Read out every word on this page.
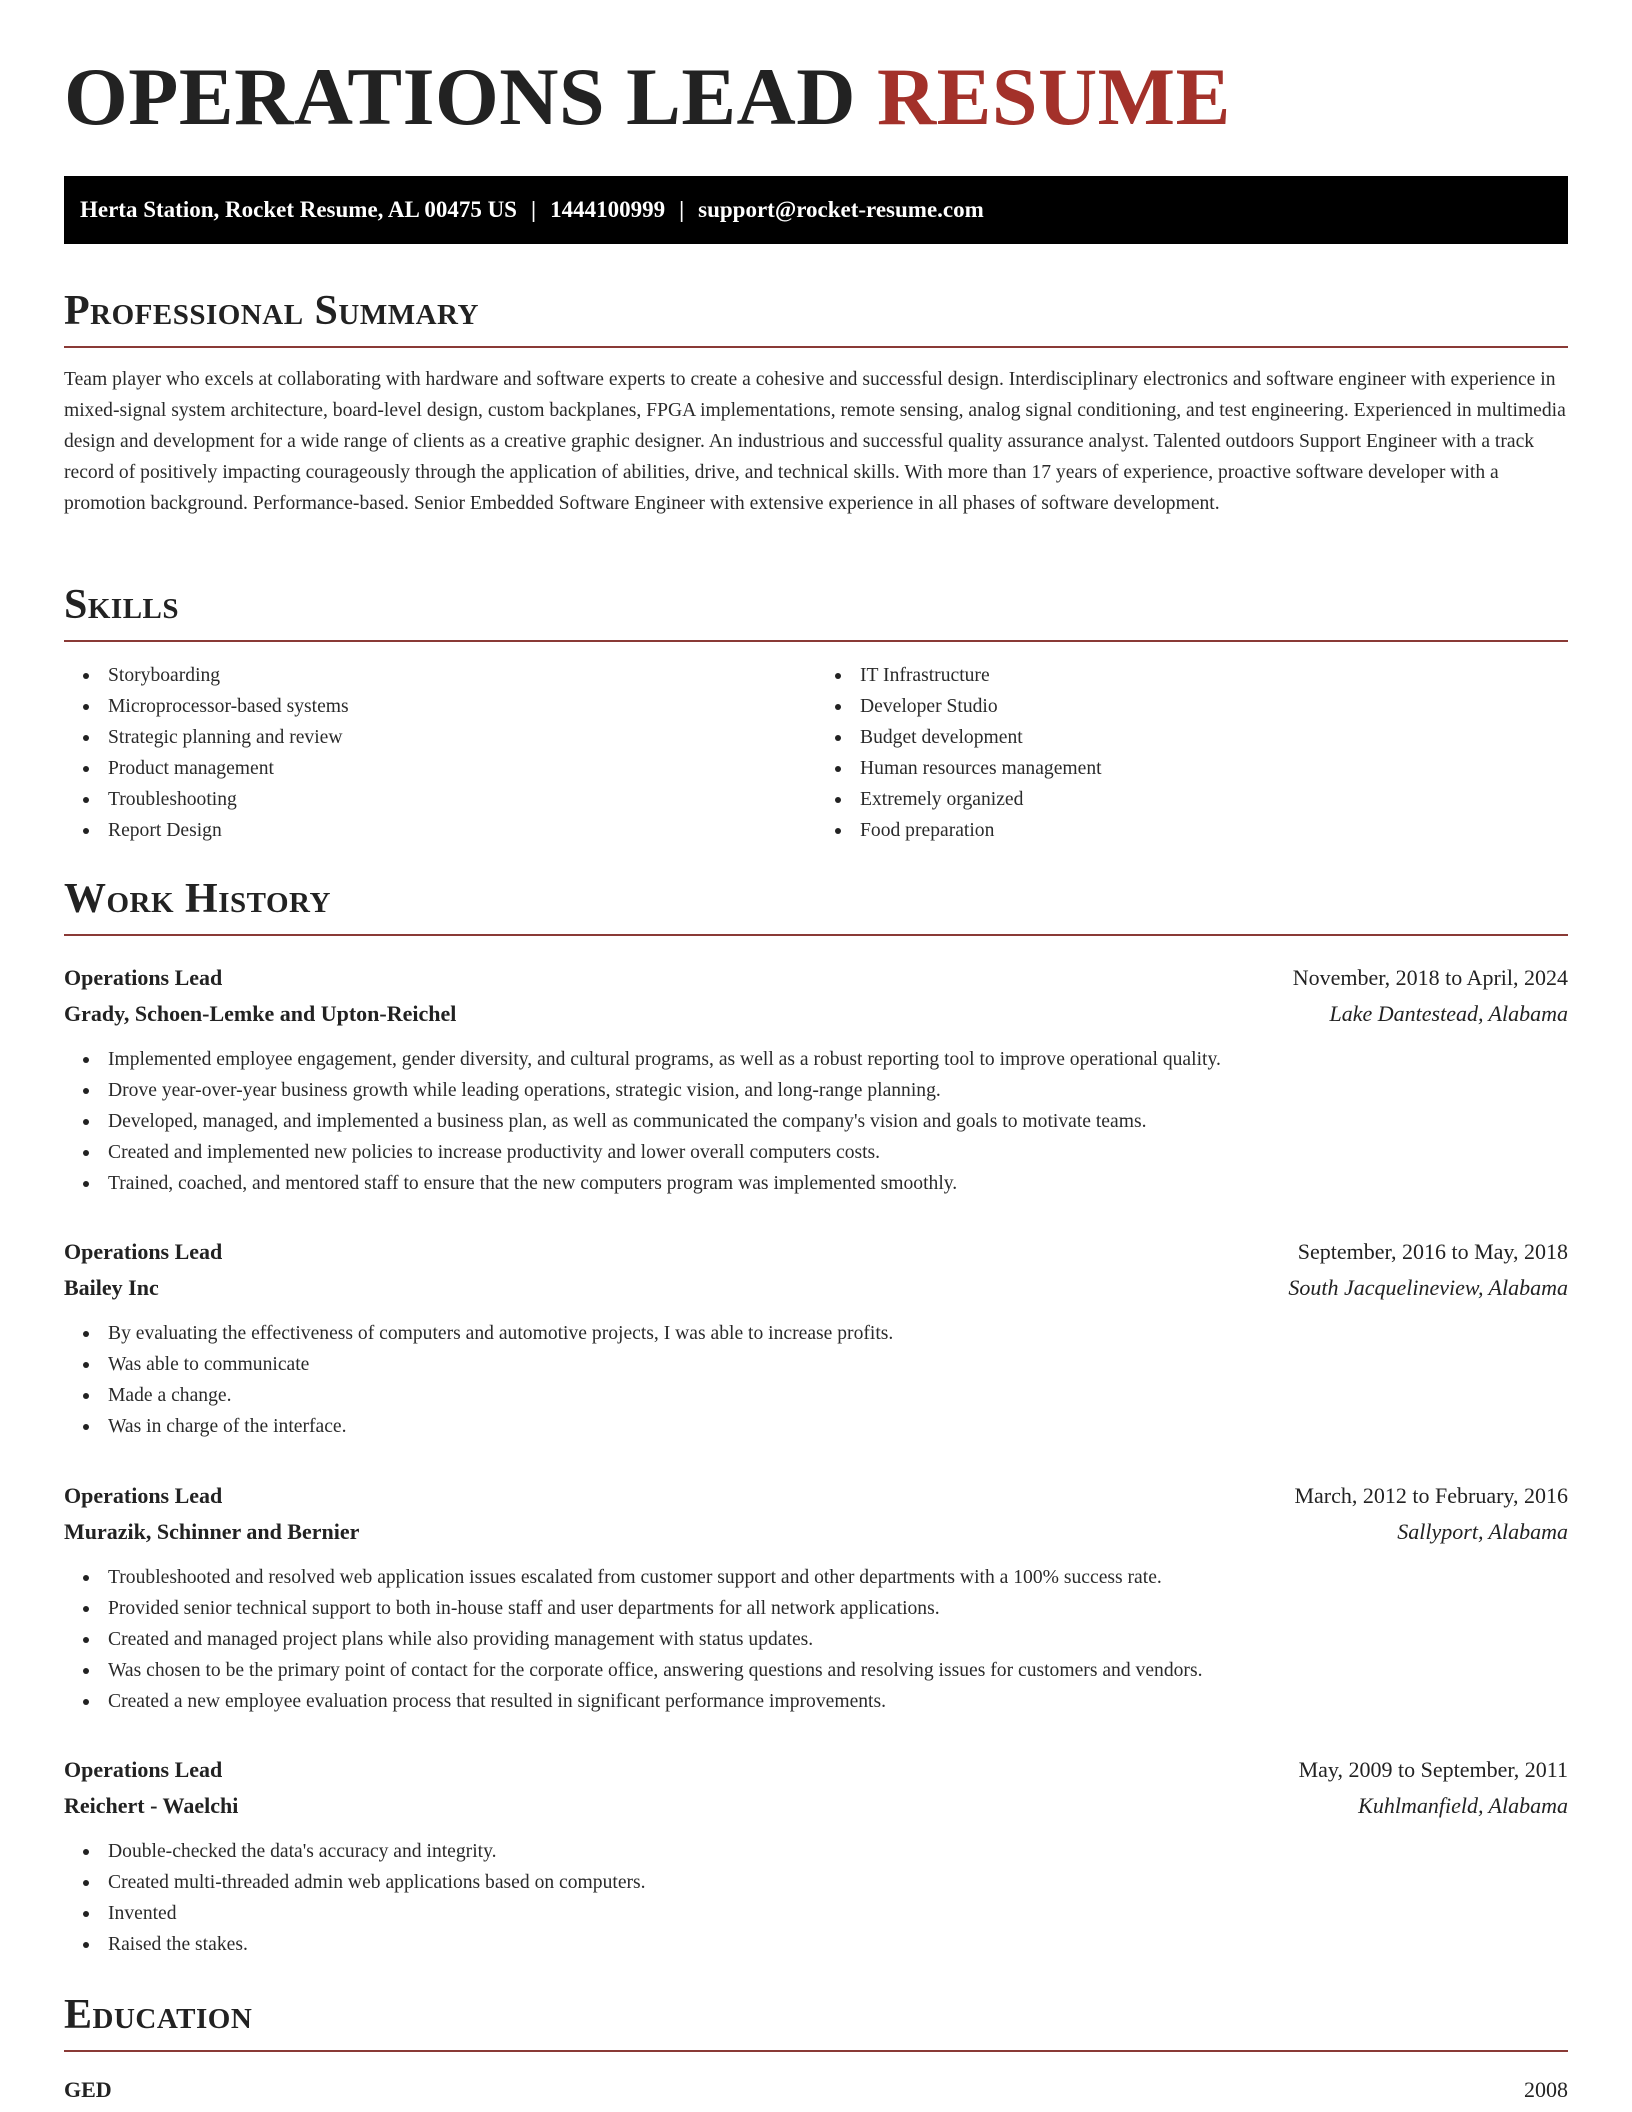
OPERATIONS LEAD RESUME
Herta Station, Rocket Resume, AL 00475 US | 1444100999 | support@rocket-resume.com
Professional Summary

Team player who excels at collaborating with hardware and software experts to create a cohesive and successful design. Interdisciplinary electronics and software engineer with experience in mixed-signal system architecture, board-level design, custom backplanes, FPGA implementations, remote sensing, analog signal conditioning, and test engineering. Experienced in multimedia design and development for a wide range of clients as a creative graphic designer. An industrious and successful quality assurance analyst. Talented outdoors Support Engineer with a track record of positively impacting courageously through the application of abilities, drive, and technical skills. With more than 17 years of experience, proactive software developer with a promotion background. Performance-based. Senior Embedded Software Engineer with extensive experience in all phases of software development.

Skills
Storyboarding
Microprocessor-based systems
Strategic planning and review
Product management
Troubleshooting
Report Design
IT Infrastructure
Developer Studio
Budget development
Human resources management
Extremely organized
Food preparation
Work History
Operations Lead	November, 2018 to April, 2024
Grady, Schoen-Lemke and Upton-Reichel	Lake Dantestead, Alabama
Implemented employee engagement, gender diversity, and cultural programs, as well as a robust reporting tool to improve operational quality.
Drove year-over-year business growth while leading operations, strategic vision, and long-range planning.
Developed, managed, and implemented a business plan, as well as communicated the company's vision and goals to motivate teams.
Created and implemented new policies to increase productivity and lower overall computers costs.
Trained, coached, and mentored staff to ensure that the new computers program was implemented smoothly.
Operations Lead	September, 2016 to May, 2018
Bailey Inc	South Jacquelineview, Alabama
By evaluating the effectiveness of computers and automotive projects, I was able to increase profits.
Was able to communicate
Made a change.
Was in charge of the interface.
Operations Lead	March, 2012 to February, 2016
Murazik, Schinner and Bernier	Sallyport, Alabama
Troubleshooted and resolved web application issues escalated from customer support and other departments with a 100% success rate.
Provided senior technical support to both in-house staff and user departments for all network applications.
Created and managed project plans while also providing management with status updates.
Was chosen to be the primary point of contact for the corporate office, answering questions and resolving issues for customers and vendors.
Created a new employee evaluation process that resulted in significant performance improvements.
Operations Lead	May, 2009 to September, 2011
Reichert - Waelchi	Kuhlmanfield, Alabama
Double-checked the data's accuracy and integrity.
Created multi-threaded admin web applications based on computers.
Invented
Raised the stakes.
Education
GED	2008
